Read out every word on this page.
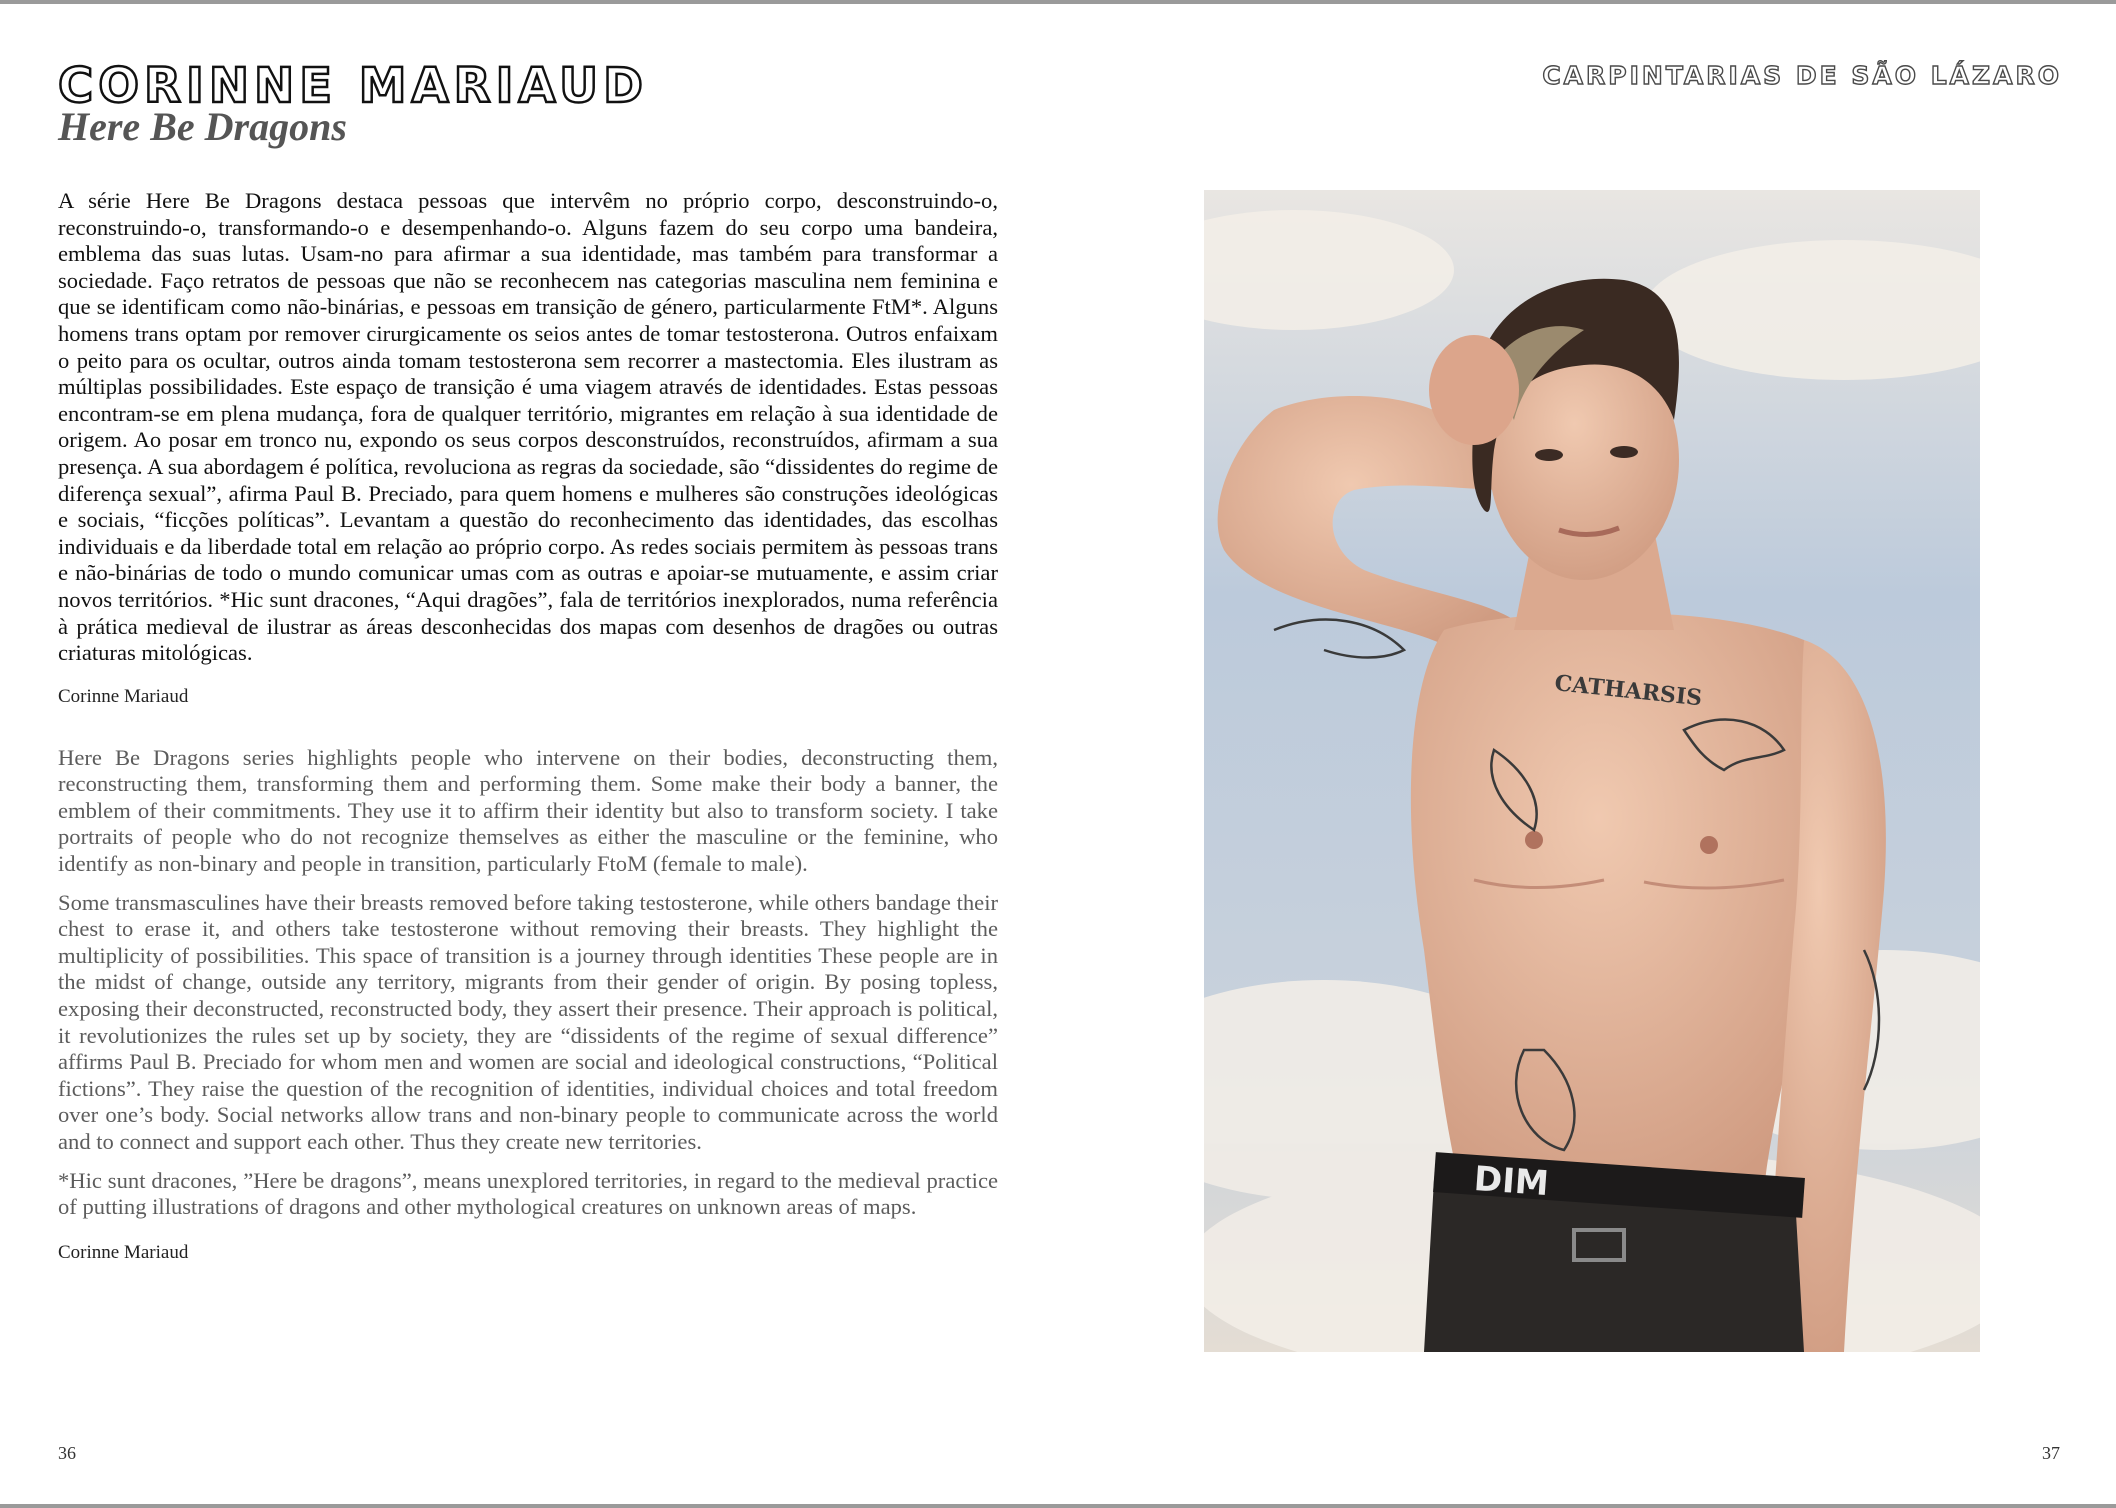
CORINNE MARIAUD
Here Be Dragons
CARPINTARIAS DE SÃO LÁZARO

A série Here Be Dragons destaca pessoas que intervêm no próprio corpo, desconstruindo-o, reconstruindo-o, transformando-o e desempenhando-o. Alguns fazem do seu corpo uma bandeira, emblema das suas lutas. Usam-no para afirmar a sua identidade, mas também para transformar a sociedade. Faço retratos de pessoas que não se reconhecem nas categorias masculina nem feminina e que se identificam como não-binárias, e pessoas em transição de género, particularmente FtM*. Alguns homens trans optam por remover cirurgicamente os seios antes de tomar testosterona. Outros enfaixam o peito para os ocultar, outros ainda tomam testosterona sem recorrer a mastectomia. Eles ilustram as múltiplas possibilidades. Este espaço de transição é uma viagem através de identidades. Estas pessoas encontram-se em plena mudança, fora de qualquer território, migrantes em relação à sua identidade de origem. Ao posar em tronco nu, expondo os seus corpos desconstruídos, reconstruídos, afirmam a sua presença. A sua abordagem é política, revoluciona as regras da sociedade, são “dissidentes do regime de diferença sexual”, afirma Paul B. Preciado, para quem homens e mulheres são construções ideológicas e sociais, “ficções políticas”. Levantam a questão do reconhecimento das identidades, das escolhas individuais e da liberdade total em relação ao próprio corpo. As redes sociais permitem às pessoas trans e não-binárias de todo o mundo comunicar umas com as outras e apoiar-se mutuamente, e assim criar novos territórios. *Hic sunt dracones, “Aqui dragões”, fala de territórios inexplorados, numa referência à prática medieval de ilustrar as áreas desconhecidas dos mapas com desenhos de dragões ou outras criaturas mitológicas.

Corinne Mariaud

Here Be Dragons series highlights people who intervene on their bodies, deconstructing them, reconstructing them, transforming them and performing them. Some make their body a banner, the emblem of their commitments. They use it to affirm their identity but also to transform society. I take portraits of people who do not recognize themselves as either the masculine or the feminine, who identify as non-binary and people in transition, particularly FtoM (female to male).

Some transmasculines have their breasts removed before taking testosterone, while others bandage their chest to erase it, and others take testosterone without removing their breasts. They highlight the multiplicity of possibilities. This space of transition is a journey through identities These people are in the midst of change, outside any territory, migrants from their gender of origin. By posing topless, exposing their deconstructed, reconstructed body, they assert their presence. Their approach is political, it revolutionizes the rules set up by society, they are “dissidents of the regime of sexual difference” affirms Paul B. Preciado for whom men and women are social and ideological constructions, “Political fictions”. They raise the question of the recognition of identities, individual choices and total freedom over one’s body. Social networks allow trans and non-binary people to communicate across the world and to connect and support each other. Thus they create new territories.

*Hic sunt dracones, ”Here be dragons”, means unexplored territories, in regard to the medieval practice of putting illustrations of dragons and other mythological creatures on unknown areas of maps.

Corinne Mariaud

36	37
CATHARSIS
DIM
